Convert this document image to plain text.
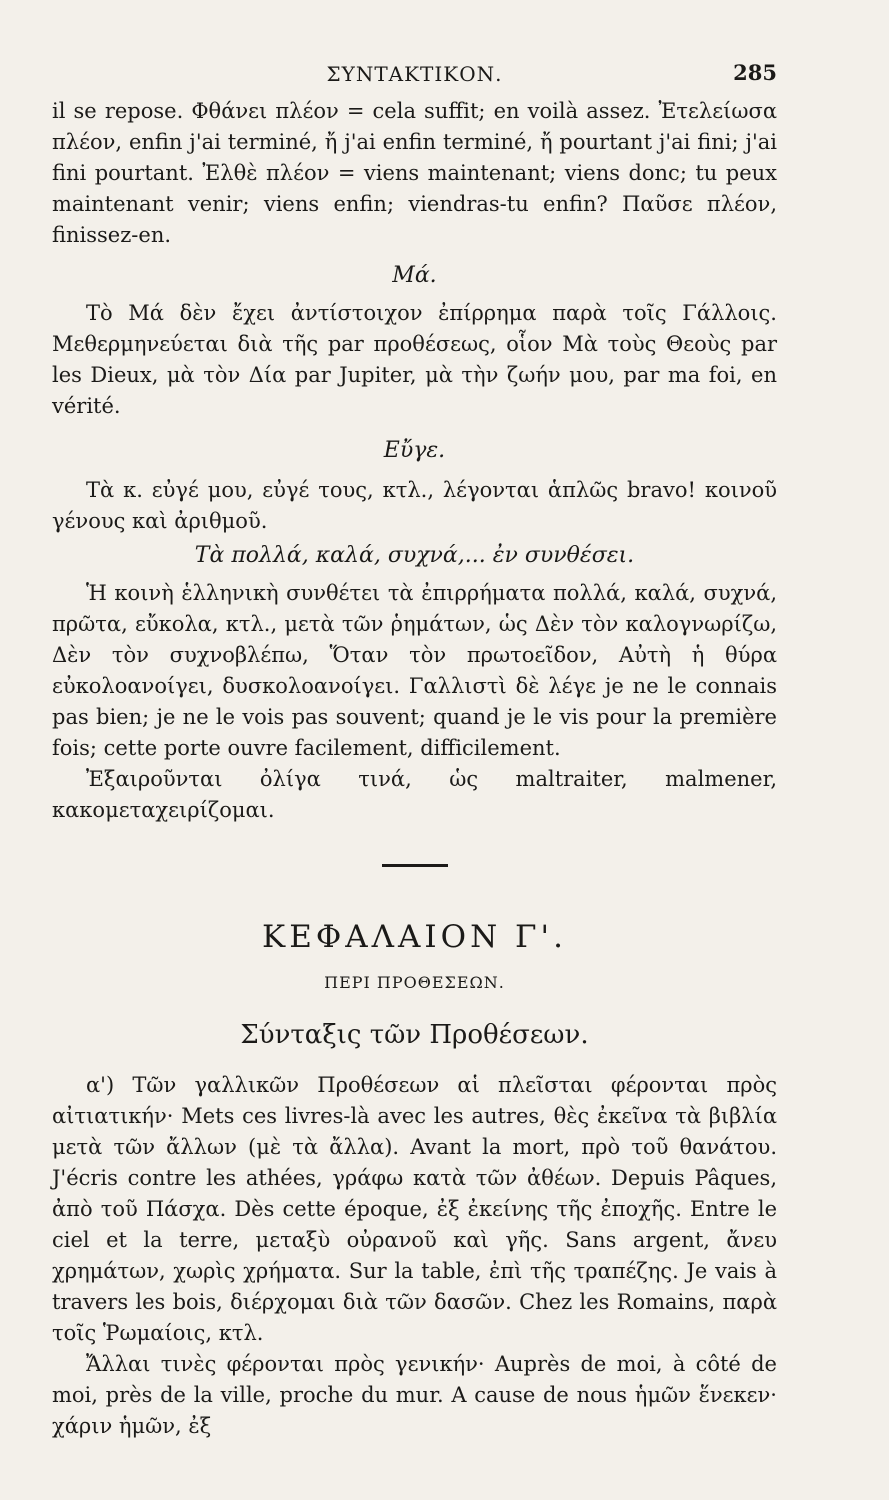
ΣΥΝΤΑΚΤΙΚΟΝ.	285

il se repose. Φθάνει πλέον = cela suffit; en voilà assez. Ἐτελείωσα πλέον, enfin j'ai terminé, ἤ j'ai enfin terminé, ἤ pourtant j'ai fini; j'ai fini pourtant. Ἐλθὲ πλέον = viens maintenant; viens donc; tu peux maintenant venir; viens enfin; viendras-tu enfin? Παῦσε πλέον, finissez-en.

Μά.

Τὸ Μά δὲν ἔχει ἀντίστοιχον ἐπίρρημα παρὰ τοῖς Γάλλοις. Μεθερμηνεύεται διὰ τῆς par προθέσεως, οἷον Μὰ τοὺς Θεοὺς par les Dieux, μὰ τὸν Δία par Jupiter, μὰ τὴν ζωήν μου, par ma foi, en vérité.

Εὔγε.

Τὰ κ. εὐγέ μου, εὐγέ τους, κτλ., λέγονται ἁπλῶς bravo! κοινοῦ γένους καὶ ἀριθμοῦ.

Τὰ πολλά, καλά, συχνά,... ἐν συνθέσει.

Ἡ κοινὴ ἑλληνικὴ συνθέτει τὰ ἐπιρρήματα πολλά, καλά, συχνά, πρῶτα, εὔκολα, κτλ., μετὰ τῶν ῥημάτων, ὡς Δὲν τὸν καλογνωρίζω, Δὲν τὸν συχνοβλέπω, Ὅταν τὸν πρωτοεῖδον, Αὐτὴ ἡ θύρα εὐκολοανοίγει, δυσκολοανοίγει. Γαλλιστὶ δὲ λέγε je ne le connais pas bien; je ne le vois pas souvent; quand je le vis pour la première fois; cette porte ouvre facilement, difficilement.

Ἐξαιροῦνται ὀλίγα τινά, ὡς maltraiter, malmener, κακομεταχειρίζομαι.

ΚΕΦΑΛΑΙΟΝ Γ'.

ΠΕΡΙ ΠΡΟΘΕΣΕΩΝ.

Σύνταξις τῶν Προθέσεων.

α') Τῶν γαλλικῶν Προθέσεων αἱ πλεῖσται φέρονται πρὸς αἰτιατικήν· Mets ces livres-là avec les autres, θὲς ἐκεῖνα τὰ βιβλία μετὰ τῶν ἄλλων (μὲ τὰ ἄλλα). Avant la mort, πρὸ τοῦ θανάτου. J'écris contre les athées, γράφω κατὰ τῶν ἀθέων. Depuis Pâques, ἀπὸ τοῦ Πάσχα. Dès cette époque, ἐξ ἐκείνης τῆς ἐποχῆς. Entre le ciel et la terre, μεταξὺ οὐρανοῦ καὶ γῆς. Sans argent, ἄνευ χρημάτων, χωρὶς χρήματα. Sur la table, ἐπὶ τῆς τραπέζης. Je vais à travers les bois, διέρχομαι διὰ τῶν δασῶν. Chez les Romains, παρὰ τοῖς Ῥωμαίοις, κτλ.

Ἄλλαι τινὲς φέρονται πρὸς γενικήν· Auprès de moi, à côté de moi, près de la ville, proche du mur. A cause de nous ἡμῶν ἕνεκεν· χάριν ἡμῶν, ἐξ
